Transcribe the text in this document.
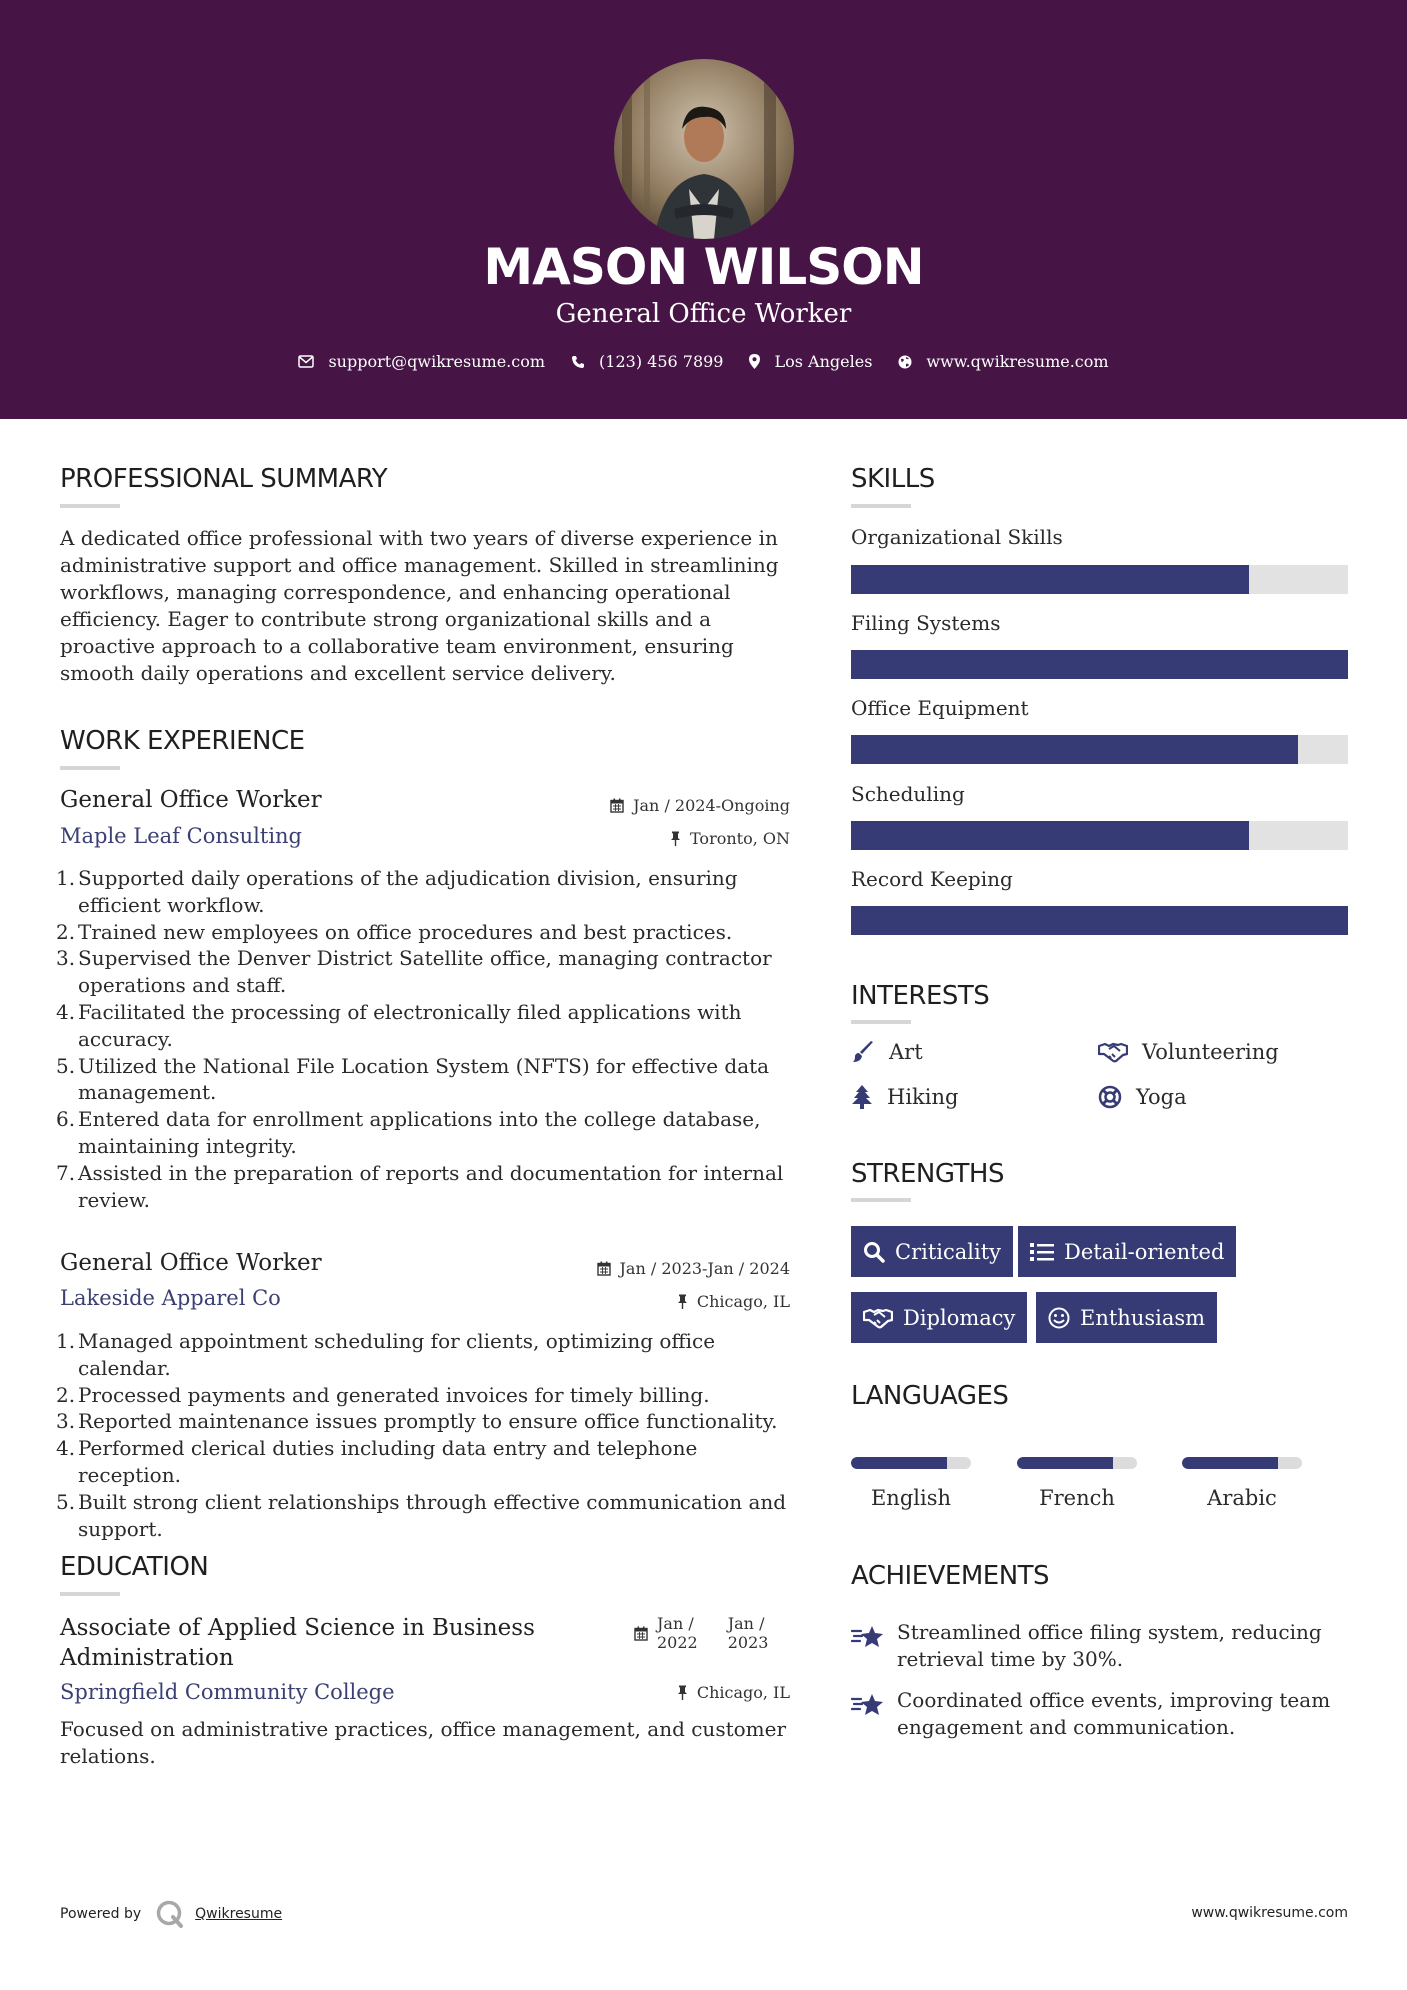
MASON WILSON
General Office Worker
support@qwikresume.com	(123) 456 7899	Los Angeles	www.qwikresume.com
PROFESSIONAL SUMMARY
A dedicated office professional with two years of diverse experience in administrative support and office management. Skilled in streamlining workflows, managing correspondence, and enhancing operational efficiency. Eager to contribute strong organizational skills and a proactive approach to a collaborative team environment, ensuring smooth daily operations and excellent service delivery.
WORK EXPERIENCE
General Office Worker	Jan / 2024-Ongoing
Maple Leaf Consulting	Toronto, ON
Supported daily operations of the adjudication division, ensuring efficient workflow.
Trained new employees on office procedures and best practices.
Supervised the Denver District Satellite office, managing contractor operations and staff.
Facilitated the processing of electronically filed applications with accuracy.
Utilized the National File Location System (NFTS) for effective data management.
Entered data for enrollment applications into the college database, maintaining integrity.
Assisted in the preparation of reports and documentation for internal review.
General Office Worker	Jan / 2023-Jan / 2024
Lakeside Apparel Co	Chicago, IL
Managed appointment scheduling for clients, optimizing office calendar.
Processed payments and generated invoices for timely billing.
Reported maintenance issues promptly to ensure office functionality.
Performed clerical duties including data entry and telephone reception.
Built strong client relationships through effective communication and support.
EDUCATION
Associate of Applied Science in Business Administration
Jan /
2022
Jan /
2023
Springfield Community College	Chicago, IL
Focused on administrative practices, office management, and customer relations.
SKILLS
Organizational Skills
Filing Systems
Office Equipment
Scheduling
Record Keeping
INTERESTS
Art	Volunteering
Hiking	Yoga
STRENGTHS
Criticality	Detail-oriented
Diplomacy	Enthusiasm
LANGUAGES
English	French	Arabic
ACHIEVEMENTS
Streamlined office filing system, reducing retrieval time by 30%.
Coordinated office events, improving team engagement and communication.
Powered by	Qwikresume	www.qwikresume.com
